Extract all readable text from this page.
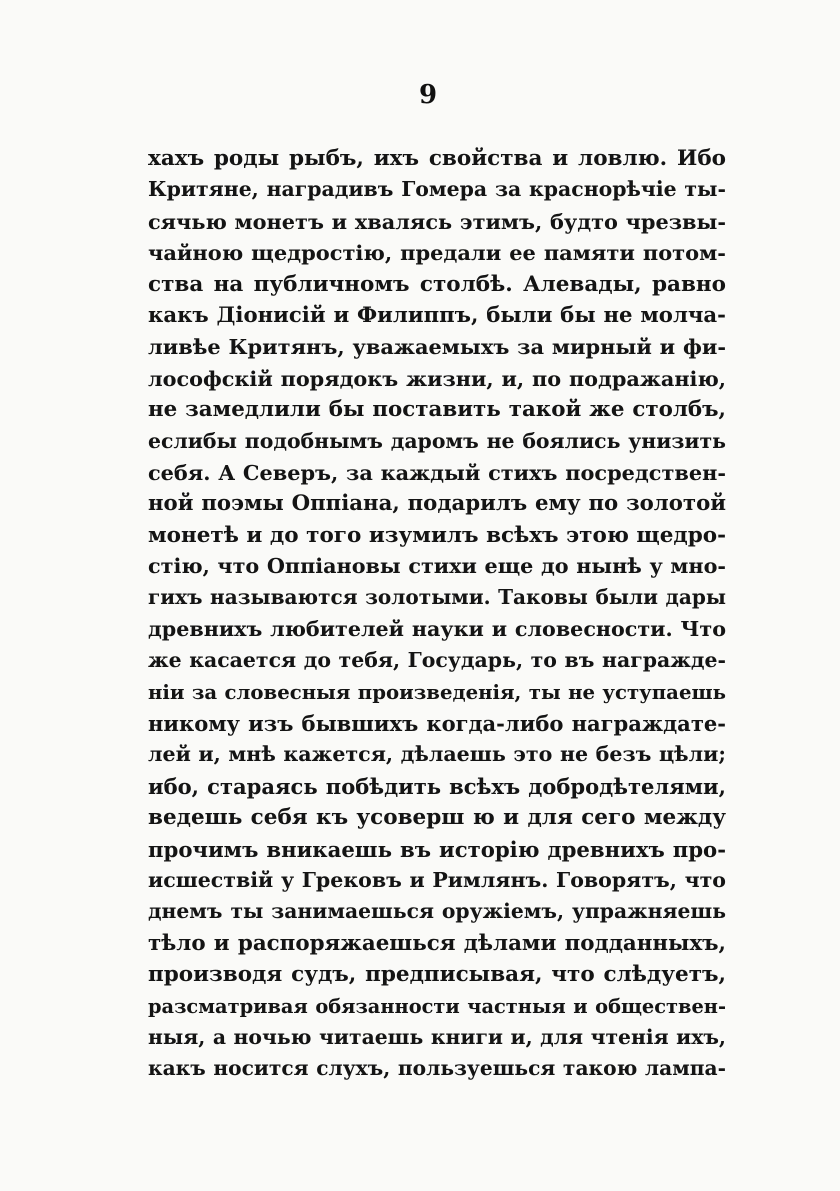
9
хахъ роды рыбъ, ихъ свойства и ловлю. Ибо
Критяне, наградивъ Гомера за краснорѣчіе ты-
сячью монетъ и хвалясь этимъ, будто чрезвы-
чайною щедростію, предали ее памяти потом-
ства на публичномъ столбѣ. Алевады, равно
какъ Діонисій и Филиппъ, были бы не молча-
ливѣе Критянъ, уважаемыхъ за мирный и фи-
лософскій порядокъ жизни, и, по подражанію,
не замедлили бы поставить такой же столбъ,
еслибы подобнымъ даромъ не боялись унизить
себя. А Северъ, за каждый стихъ посредствен-
ной поэмы Оппіана, подарилъ ему по золотой
монетѣ и до того изумилъ всѣхъ этою щедро-
стію, что Оппіановы стихи еще до нынѣ у мно-
гихъ называются золотыми. Таковы были дары
древнихъ любителей науки и словесности. Что
же касается до тебя, Государь, то въ награжде-
ніи за словесныя произведенія, ты не уступаешь
никому изъ бывшихъ когда-либо награждате-
лей и, мнѣ кажется, дѣлаешь это не безъ цѣли;
ибо, стараясь побѣдить всѣхъ добродѣтелями,
ведешь себя къ усоверш ю и для сего между
прочимъ вникаешь въ исторію древнихъ про-
иcшествій у Грековъ и Римлянъ. Говорятъ, что
днемъ ты занимаешься оружіемъ, упражняешь
тѣло и распоряжаешься дѣлами подданныхъ,
производя судъ, предписывая, что слѣдуетъ,
разсматривая обязанности частныя и обществен-
ныя, а ночью читаешь книги и, для чтенія ихъ,
какъ носится слухъ, пользуешься такою лампа-
